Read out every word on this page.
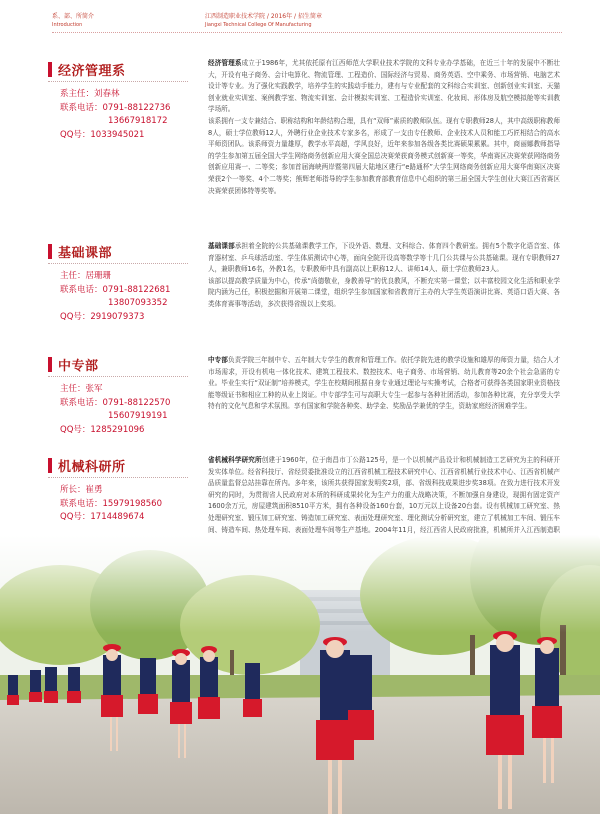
系、部、所简介
Introduction
江西制造职业技术学院 / 2016年 / 招生简章
Jiangxi Technical College Of Manufacturing
经济管理系
系主任：刘春林
联系电话：0791-88122736
13667918172
QQ号：1033945021

经济管理系成立于1986年，尤其依托原有江西师范大学职业技术学院的文科专业办学基础，在近三十年的发展中不断壮大，开设有电子商务、会计电算化、物流管理、工程造价、国际经济与贸易、商务英语、空中乘务、市场营销、电脑艺术设计等专业。为了强化实践教学，培养学生的实践动手能力，建有与专业配套的文科综合实训室、创新创业实训室、天猫创业就业实训室、案例教学室、物流实训室、会计模拟实训室、工程造价实训室、化妆间、形体房及航空模拟舱等实训教学场所。

该系拥有一支专兼结合、职称结构和年龄结构合理，具有“双师”素质的教师队伍。现有专职教师28人，其中高级职称教师8人，硕士学位教师12人，外聘行业企业技术专家多名，形成了一支由专任教师、企业技术人员和能工巧匠相结合的高水平师资团队。该系师资力量雄厚，教学水平高超，学风良好，近年来参加各级各类比赛硕果累累。其中，商丽娜教师指导的学生参加第五届全国大学生网络商务创新应用大赛全国总决赛荣获商务模式创新赛一等奖，华南赛区决赛荣获网络商务创新应用赛一、二等奖；参加首届海峡两岸暨第四届大陆地区建行“e路通杯”大学生网络商务创新应用大赛华南赛区决赛荣获2个一等奖、4个二等奖；熊辉老师指导的学生参加教育部教育信息中心组织的第三届全国大学生创业大赛江西省赛区决赛荣获团体特等奖等。

基础课部
主任：居珊珊
联系电话：0791-88122681
13807093352
QQ号：2919079373

基础课部承担着全院的公共基础课教学工作，下设外语、数理、文科综合、体育四个教研室。拥有5个数字化语音室、体育器材室、乒乓球活动室、学生体质测试中心等，面向全院开设高等数学等十几门公共课与公共基础课。现有专职教师27人，兼职教师16名，外教1名，专职教师中具有副高以上职称12人、讲师14人、硕士学位教师23人。

该部以提高教学质量为中心，传承“尚德敬业，身教善导”的优良教风，不断充实第一课堂；以丰富校园文化生活和职业学院内涵为己任，积极挖掘和开展第二课堂，组织学生参加国家和省教育厅主办的大学生英语演讲比赛、英语口语大赛、各类体育赛事等活动，多次获得省级以上奖项。

中专部
主任：张军
联系电话：0791-88122570
15607919191
QQ号：1285291096

中专部负责学院三年制中专、五年制大专学生的教育和管理工作。依托学院先进的教学设施和雄厚的师资力量，结合人才市场需求，开设有机电一体化技术、建筑工程技术、数控技术、电子商务、市场营销、幼儿教育等20余个社会急需的专业。毕业生实行“双证制”培养模式，学生在校期间根据自身专业通过理论与实操考试，合格者可获得各类国家职业资格技能等级证书和相应工种的从业上岗证。中专部学生可与高职大专生一起参与各种社团活动，参加各种比赛，充分享受大学特有的文化气息和学术氛围。享有国家和学院各种奖、助学金、奖励品学兼优的学生，资助家庭经济困难学生。

机械科研所
所长：崔勇
联系电话：15979198560
QQ号：1714489674

省机械科学研究所创建于1960年，位于南昌市丁公路125号，是一个以机械产品设计和机械制造工艺研究为主的科研开发实体单位。经省科技厅、省经贸委批准设立的江西省机械工程技术研究中心、江西省机械行业技术中心、江西省机械产品质量监督总站挂靠在所内。多年来，该所共获得国家发明奖2项，部、省级科技成果进步奖38项。在致力进行技术开发研究的同时，为贯彻省人民政府对本所的科研成果转化为生产力的重大战略决策，不断加强自身建设，现拥有固定资产1600余万元，房屋建筑面积8510平方米，拥有各种设备160台套，10万元以上设备20台套。设有机械加工研究室、热处理研究室、锻压加工研究室、铸造加工研究室、表面处理研究室、理化测试分析研究室，建立了机械加工车间、锻压车间、铸造车间、热处理车间、表面处理车间等生产基地。2004年11月，经江西省人民政府批准，机械所并入江西制造职
